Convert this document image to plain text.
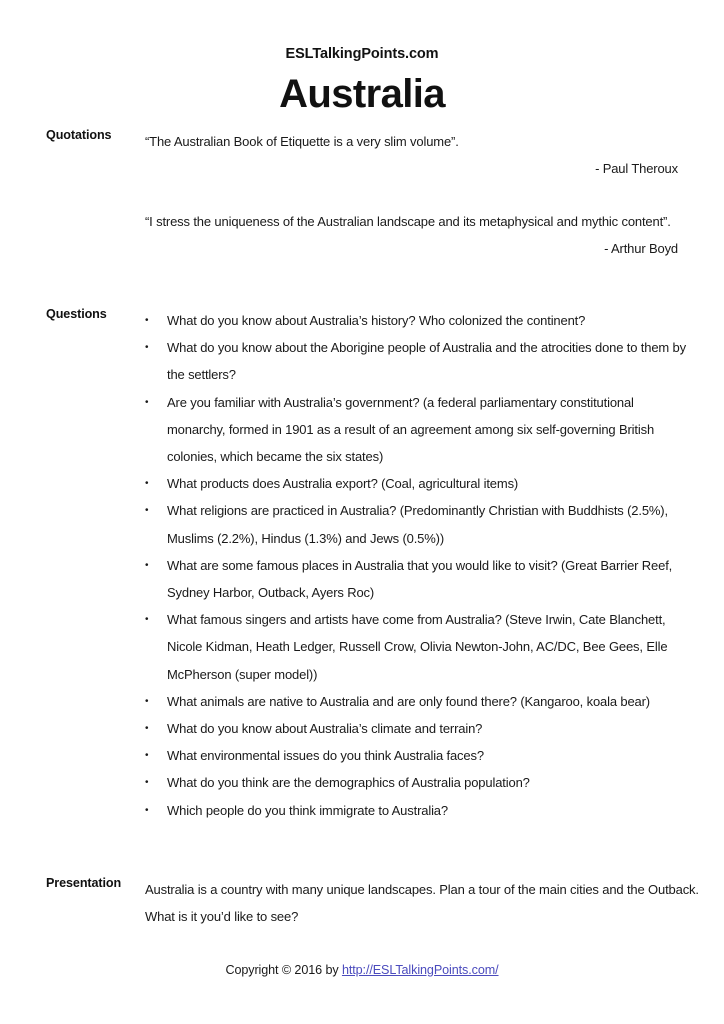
ESLTalkingPoints.com
Australia
Quotations	“The Australian Book of Etiquette is a very slim volume”.
- Paul Theroux
“I stress the uniqueness of the Australian landscape and its metaphysical and mythic content”.
- Arthur Boyd
Questions	• What do you know about Australia’s history? Who colonized the continent?
• What do you know about the Aborigine people of Australia and the atrocities done to them by the settlers?
• Are you familiar with Australia’s government? (a federal parliamentary constitutional monarchy, formed in 1901 as a result of an agreement among six self-governing British colonies, which became the six states)
• What products does Australia export? (Coal, agricultural items)
• What religions are practiced in Australia? (Predominantly Christian with Buddhists (2.5%), Muslims (2.2%), Hindus (1.3%) and Jews (0.5%))
• What are some famous places in Australia that you would like to visit? (Great Barrier Reef, Sydney Harbor, Outback, Ayers Roc)
• What famous singers and artists have come from Australia? (Steve Irwin, Cate Blanchett, Nicole Kidman, Heath Ledger, Russell Crow, Olivia Newton-John, AC/DC, Bee Gees, Elle McPherson (super model))
• What animals are native to Australia and are only found there? (Kangaroo, koala bear)
• What do you know about Australia’s climate and terrain?
• What environmental issues do you think Australia faces?
• What do you think are the demographics of Australia population?
• Which people do you think immigrate to Australia?
Presentation	Australia is a country with many unique landscapes. Plan a tour of the main cities and the Outback. What is it you’d like to see?
Copyright © 2016 by http://ESLTalkingPoints.com/
